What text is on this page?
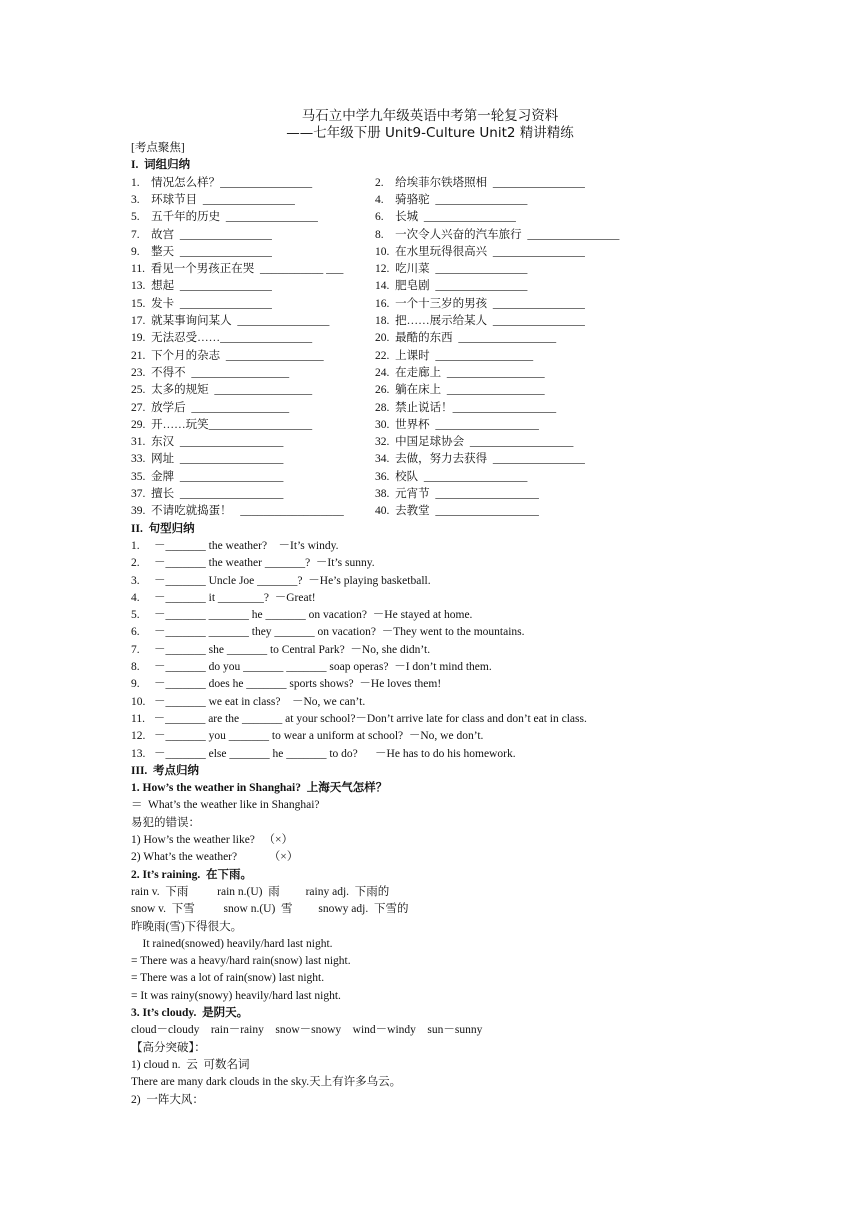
马石立中学九年级英语中考第一轮复习资料
——七年级下册 Unit9-Culture Unit2 精讲精练
[考点聚焦]
I.  词组归纳
1.    情况怎么样？________________	2.    给埃菲尔铁塔照相  ________________
3.    环球节目  ________________	4.    骑骆驼  ________________
5.    五千年的历史  ________________	6.    长城  ________________
7.    故宫  ________________	8.    一次令人兴奋的汽车旅行  ________________
9.    整天  ________________	10.  在水里玩得很高兴  ________________
11.  看见一个男孩正在哭  ___________ ___	12.  吃川菜  ________________
13.  想起  ________________	14.  肥皂剧  ________________
15.  发卡  ________________	16.  一个十三岁的男孩  ________________
17.  就某事询问某人  ________________	18.  把……展示给某人  ________________
19.  无法忍受……________________	20.  最酷的东西  _________________
21.  下个月的杂志  _________________	22.  上课时  _________________
23.  不得不  _________________	24.  在走廊上  _________________
25.  太多的规矩  _________________	26.  躺在床上  _________________
27.  放学后  _________________	28.  禁止说话！__________________
29.  开……玩笑__________________	30.  世界杯  __________________
31.  东汉  __________________	32.  中国足球协会  __________________
33.  网址  __________________	34.  去做，努力去获得  ________________
35.  金牌  __________________	36.  校队  __________________
37.  擅长  __________________	38.  元宵节  __________________
39.  不请吃就捣蛋！   __________________	40.  去教堂  __________________
II.  句型归纳
1.     －_______ the weather?    －It’s windy.
2.     －_______ the weather _______?  －It’s sunny.
3.     －_______ Uncle Joe _______?  －He’s playing basketball.
4.     －_______ it ________?  －Great!
5.     －_______ _______ he _______ on vacation?  －He stayed at home.
6.     －_______ _______ they _______ on vacation?  －They went to the mountains.
7.     －_______ she _______ to Central Park?  －No, she didn’t.
8.     －_______ do you _______ _______ soap operas?  －I don’t mind them.
9.     －_______ does he _______ sports shows?  －He loves them!
10.   －_______ we eat in class?    －No, we can’t.
11.   －_______ are the _______ at your school?－Don’t arrive late for class and don’t eat in class.
12.   －_______ you _______ to wear a uniform at school?  －No, we don’t.
13.   －_______ else _______ he _______ to do?      －He has to do his homework.
III.  考点归纳
1. How’s the weather in Shanghai?  上海天气怎样？
＝  What’s the weather like in Shanghai?
易犯的错误：
1) How’s the weather like?   （×）
2) What’s the weather?           （×）
2. It’s raining.  在下雨。
rain v.  下雨          rain n.(U)  雨         rainy adj.  下雨的
snow v.  下雪          snow n.(U)  雪         snowy adj.  下雪的
昨晚雨(雪)下得很大。
It rained(snowed) heavily/hard last night.
= There was a heavy/hard rain(snow) last night.
= There was a lot of rain(snow) last night.
= It was rainy(snowy) heavily/hard last night.
3. It’s cloudy.  是阴天。
cloud－cloudy    rain－rainy    snow－snowy    wind－windy    sun－sunny
【高分突破】：
1) cloud n.  云  可数名词
There are many dark clouds in the sky.天上有许多乌云。
2)  一阵大风：
